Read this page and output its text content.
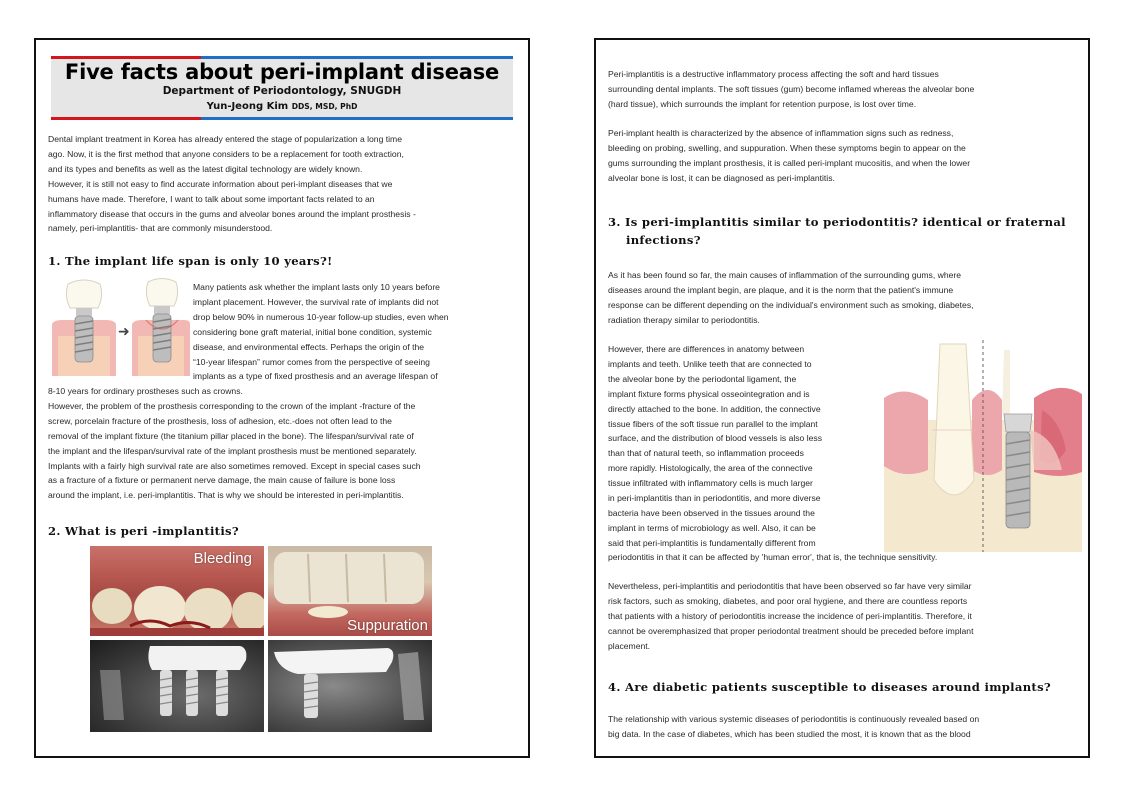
Five facts about peri-implant disease
Department of Periodontology, SNUGDH
Yun-Jeong Kim DDS, MSD, PhD
Dental implant treatment in Korea has already entered the stage of popularization a long time
ago. Now, it is the first method that anyone considers to be a replacement for tooth extraction,
and its types and benefits as well as the latest digital technology are widely known.
However, it is still not easy to find accurate information about peri-implant diseases that we
humans have made. Therefore, I want to talk about some important facts related to an
inflammatory disease that occurs in the gums and alveolar bones around the implant prosthesis -
namely, peri-implantitis- that are commonly misunderstood.
1. The implant life span is only 10 years?!
➜
Many patients ask whether the implant lasts only 10 years before
implant placement. However, the survival rate of implants did not
drop below 90% in numerous 10-year follow-up studies, even when
considering bone graft material, initial bone condition, systemic
disease, and environmental effects. Perhaps the origin of the
“10-year lifespan” rumor comes from the perspective of seeing
implants as a type of fixed prosthesis and an average lifespan of
8-10 years for ordinary prostheses such as crowns.
However, the problem of the prosthesis corresponding to the crown of the implant -fracture of the
screw, porcelain fracture of the prosthesis, loss of adhesion, etc.-does not often lead to the
removal of the implant fixture (the titanium pillar placed in the bone). The lifespan/survival rate of
the implant and the lifespan/survival rate of the implant prosthesis must be mentioned separately.
Implants with a fairly high survival rate are also sometimes removed. Except in special cases such
as a fracture of a fixture or permanent nerve damage, the main cause of failure is bone loss
around the implant, i.e. peri-implantitis. That is why we should be interested in peri-implantitis.
2. What is peri -implantitis?
Bleeding
Suppuration
Peri-implantitis is a destructive inflammatory process affecting the soft and hard tissues
surrounding dental implants. The soft tissues (gum) become inflamed whereas the alveolar bone
(hard tissue), which surrounds the implant for retention purpose, is lost over time.
Peri-implant health is characterized by the absence of inflammation signs such as redness,
bleeding on probing, swelling, and suppuration. When these symptoms begin to appear on the
gums surrounding the implant prosthesis, it is called peri-implant mucositis, and when the lower
alveolar bone is lost, it can be diagnosed as peri-implantitis.
3. Is peri-implantitis similar to periodontitis? identical or fraternal
infections?
As it has been found so far, the main causes of inflammation of the surrounding gums, where
diseases around the implant begin, are plaque, and it is the norm that the patient's immune
response can be different depending on the individual's environment such as smoking, diabetes,
radiation therapy similar to periodontitis.
However, there are differences in anatomy between
implants and teeth. Unlike teeth that are connected to
the alveolar bone by the periodontal ligament, the
implant fixture forms physical osseointegration and is
directly attached to the bone. In addition, the connective
tissue fibers of the soft tissue run parallel to the implant
surface, and the distribution of blood vessels is also less
than that of natural teeth, so inflammation proceeds
more rapidly. Histologically, the area of the connective
tissue infiltrated with inflammatory cells is much larger
in peri-implantitis than in periodontitis, and more diverse
bacteria have been observed in the tissues around the
implant in terms of microbiology as well. Also, it can be
said that peri-implantitis is fundamentally different from
periodontitis in that it can be affected by 'human error', that is, the technique sensitivity.
Nevertheless, peri-implantitis and periodontitis that have been observed so far have very similar
risk factors, such as smoking, diabetes, and poor oral hygiene, and there are countless reports
that patients with a history of periodontitis increase the incidence of peri-implantitis. Therefore, it
cannot be overemphasized that proper periodontal treatment should be preceded before implant
placement.
4. Are diabetic patients susceptible to diseases around implants?
The relationship with various systemic diseases of periodontitis is continuously revealed based on
big data. In the case of diabetes, which has been studied the most, it is known that as the blood
